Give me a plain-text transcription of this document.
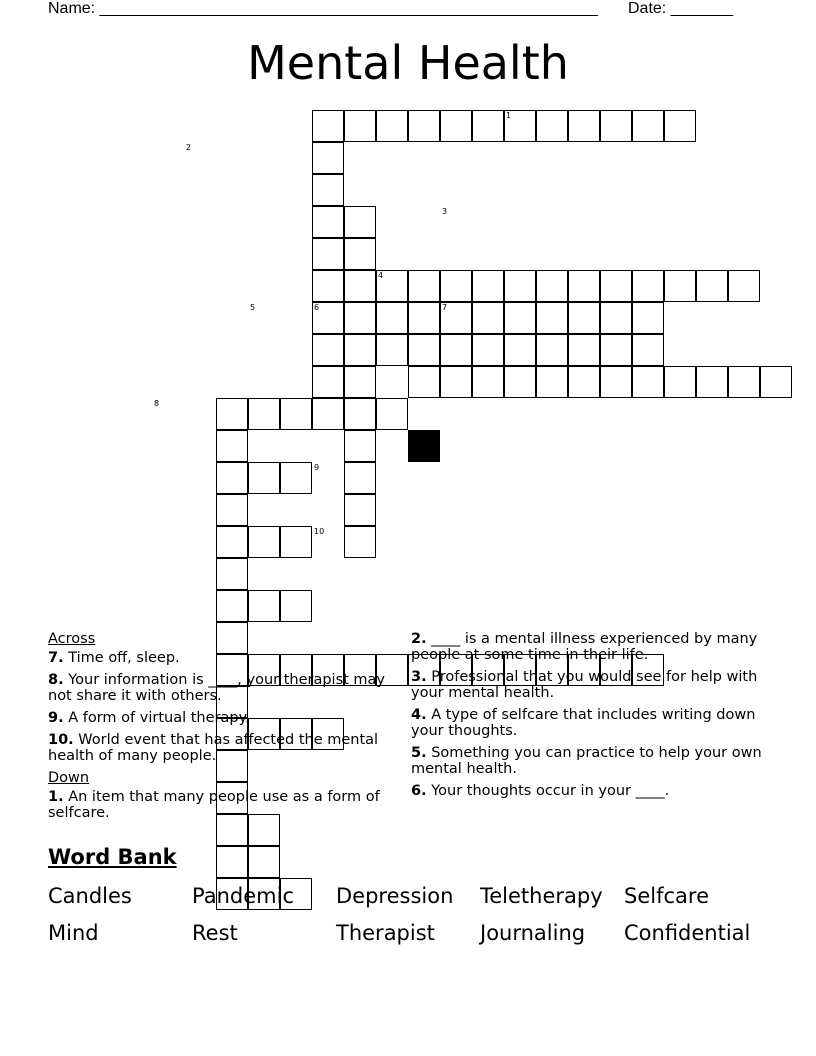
Name: ________________________________________________________ Date: _______
Mental Health
1
2
3
4
5	6	7
8
9
10
Across
7. Time off, sleep.
8. Your information is ____, your therapist may not share it with others.
9. A form of virtual therapy.
10. World event that has affected the mental health of many people.
Down
1. An item that many people use as a form of selfcare.
2. ____ is a mental illness experienced by many people at some time in their life.
3. Professional that you would see for help with your mental health.
4. A type of selfcare that includes writing down your thoughts.
5. Something you can practice to help your own mental health.
6. Your thoughts occur in your ____.
Word Bank
Candles	Pandemic Depression Teletherapy Selfcare
Mind	Rest	Therapist Journaling Confidential
